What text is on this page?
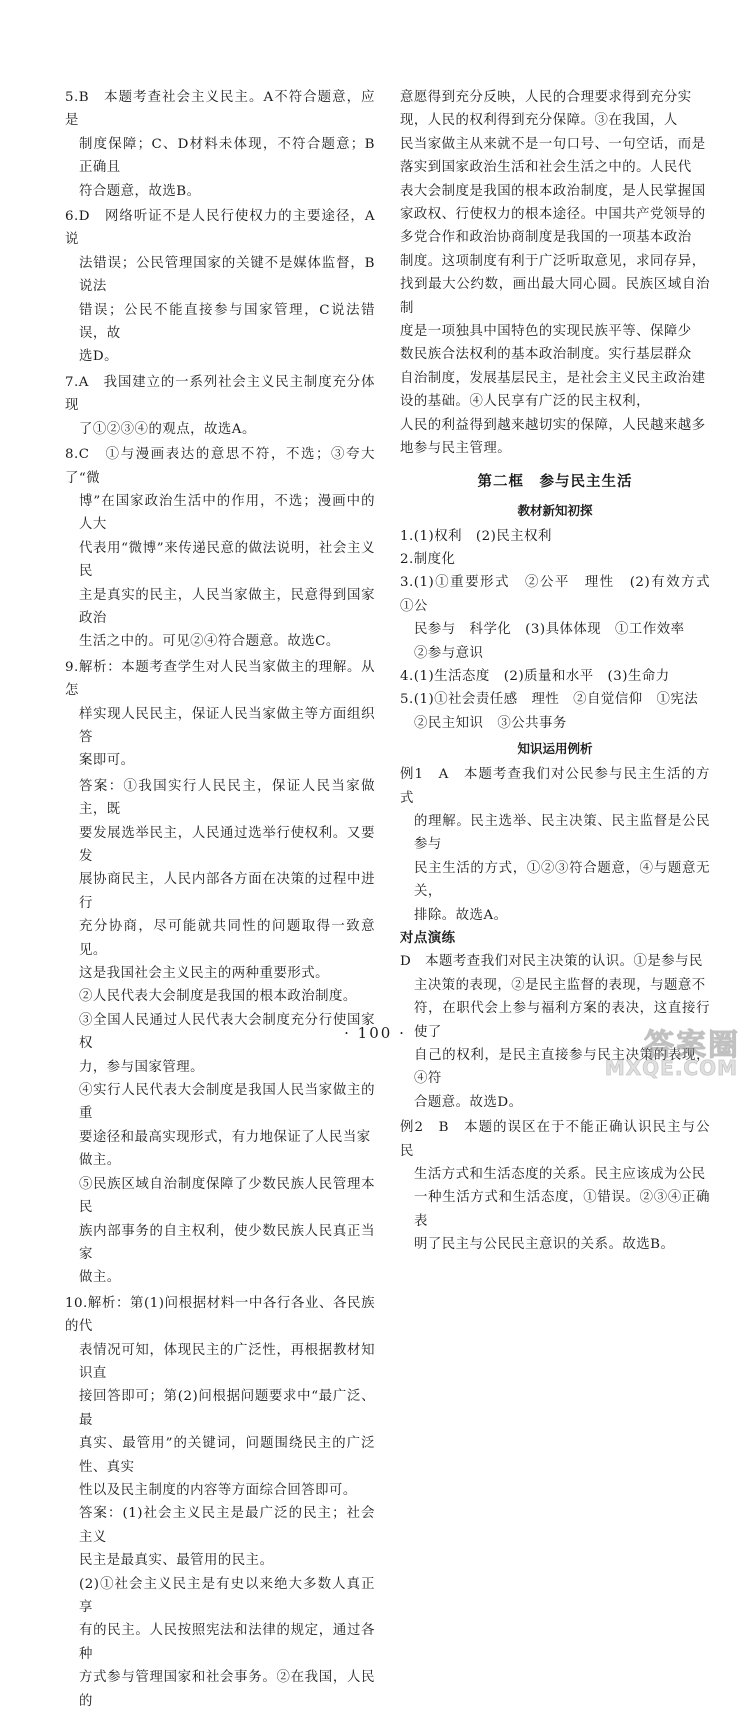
5.B　本题考查社会主义民主。A不符合题意，应是

制度保障；C、D材料未体现，不符合题意；B正确且

符合题意，故选B。

6.D　网络听证不是人民行使权力的主要途径，A说

法错误；公民管理国家的关键不是媒体监督，B说法

错误；公民不能直接参与国家管理，C说法错误，故

选D。

7.A　我国建立的一系列社会主义民主制度充分体现

了①②③④的观点，故选A。

8.C　①与漫画表达的意思不符，不选；③夸大了“微

博”在国家政治生活中的作用，不选；漫画中的人大

代表用“微博”来传递民意的做法说明，社会主义民

主是真实的民主，人民当家做主，民意得到国家政治

生活之中的。可见②④符合题意。故选C。

9.解析：本题考查学生对人民当家做主的理解。从怎

样实现人民民主，保证人民当家做主等方面组织答

案即可。

答案：①我国实行人民民主，保证人民当家做主，既

要发展选举民主，人民通过选举行使权利。又要发

展协商民主，人民内部各方面在决策的过程中进行

充分协商，尽可能就共同性的问题取得一致意见。

这是我国社会主义民主的两种重要形式。

②人民代表大会制度是我国的根本政治制度。

③全国人民通过人民代表大会制度充分行使国家权

力，参与国家管理。

④实行人民代表大会制度是我国人民当家做主的重

要途径和最高实现形式，有力地保证了人民当家

做主。

⑤民族区域自治制度保障了少数民族人民管理本民

族内部事务的自主权利，使少数民族人民真正当家

做主。

10.解析：第(1)问根据材料一中各行各业、各民族的代

表情况可知，体现民主的广泛性，再根据教材知识直

接回答即可；第(2)问根据问题要求中“最广泛、最

真实、最管用”的关键词，问题围绕民主的广泛性、真实

性以及民主制度的内容等方面综合回答即可。

答案：(1)社会主义民主是最广泛的民主；社会主义

民主是最真实、最管用的民主。

(2)①社会主义民主是有史以来绝大多数人真正享

有的民主。人民按照宪法和法律的规定，通过各种

方式参与管理国家和社会事务。②在我国，人民的

意愿得到充分反映，人民的合理要求得到充分实

现，人民的权利得到充分保障。③在我国，人

民当家做主从来就不是一句口号、一句空话，而是

落实到国家政治生活和社会生活之中的。人民代

表大会制度是我国的根本政治制度，是人民掌握国

家政权、行使权力的根本途径。中国共产党领导的

多党合作和政治协商制度是我国的一项基本政治

制度。这项制度有利于广泛听取意见，求同存异，

找到最大公约数，画出最大同心圆。民族区域自治制

度是一项独具中国特色的实现民族平等、保障少

数民族合法权利的基本政治制度。实行基层群众

自治制度，发展基层民主，是社会主义民主政治建

设的基础。④人民享有广泛的民主权利，

人民的利益得到越来越切实的保障，人民越来越多

地参与民主管理。

第二框　参与民主生活
教材新知初探

1.(1)权利　(2)民主权利

2.制度化

3.(1)①重要形式　②公平　理性　(2)有效方式　①公

民参与　科学化　(3)具体体现　①工作效率

②参与意识

4.(1)生活态度　(2)质量和水平　(3)生命力

5.(1)①社会责任感　理性　②自觉信仰　①宪法

②民主知识　③公共事务

知识运用例析

例1　A　本题考查我们对公民参与民主生活的方式

的理解。民主选举、民主决策、民主监督是公民参与

民主生活的方式，①②③符合题意，④与题意无关，

排除。故选A。

对点演练

D　本题考查我们对民主决策的认识。①是参与民

主决策的表现，②是民主监督的表现，与题意不

符，在职代会上参与福利方案的表决，这直接行使了

自己的权利，是民主直接参与民主决策的表现，④符

合题意。故选D。

例2　B　本题的误区在于不能正确认识民主与公民

生活方式和生活态度的关系。民主应该成为公民

一种生活方式和生活态度，①错误。②③④正确表

明了民主与公民民主意识的关系。故选B。

· 100 ·	答案圈
MXQE.COM
